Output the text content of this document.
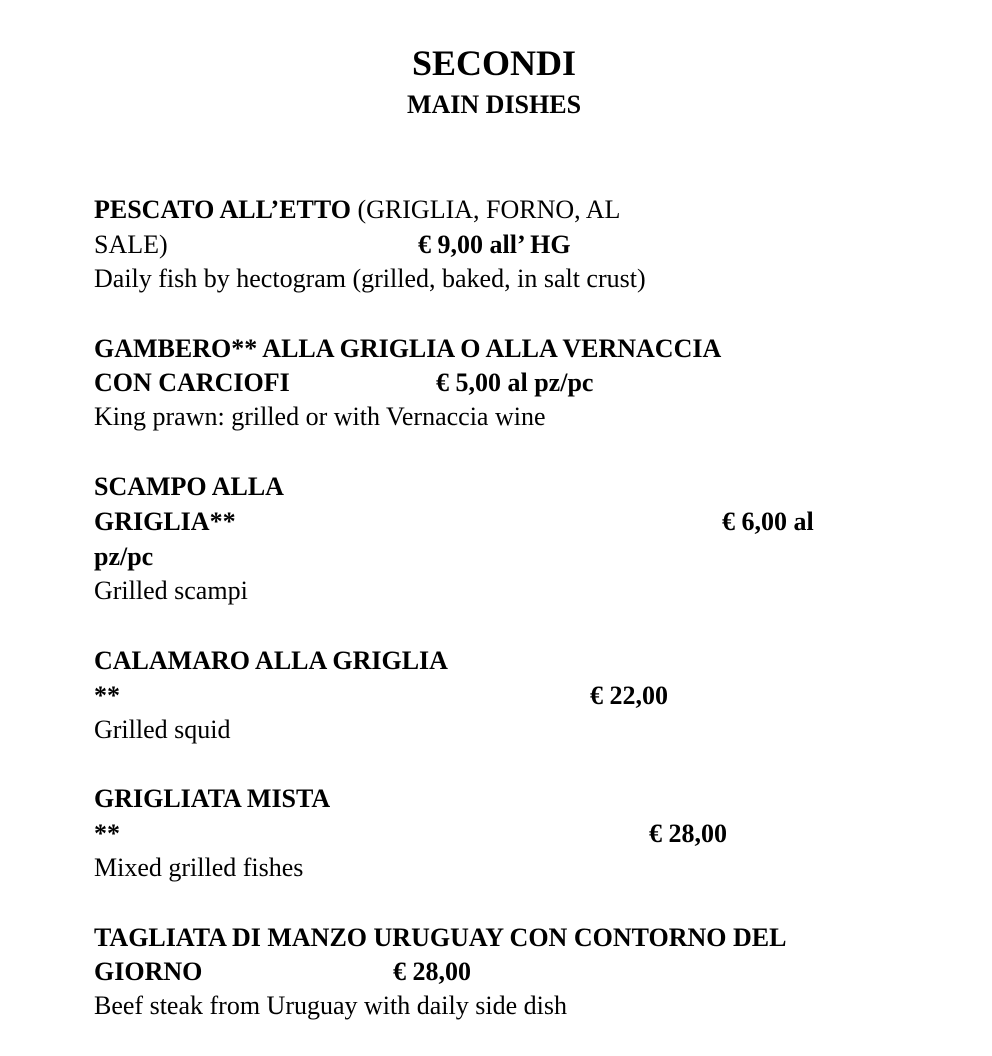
SECONDI
MAIN DISHES
PESCATO ALL’ETTO (GRIGLIA, FORNO, AL
SALE)	€ 9,00 all’ HG
Daily fish by hectogram (grilled, baked, in salt crust)
GAMBERO** ALLA GRIGLIA O ALLA VERNACCIA
CON CARCIOFI	€ 5,00 al pz/pc
King prawn: grilled or with Vernaccia wine
SCAMPO ALLA
GRIGLIA**	€ 6,00 al
pz/pc
Grilled scampi
CALAMARO ALLA GRIGLIA
**	€ 22,00
Grilled squid
GRIGLIATA MISTA
**	€ 28,00
Mixed grilled fishes
TAGLIATA DI MANZO URUGUAY CON CONTORNO DEL
GIORNO	€ 28,00
Beef steak from Uruguay with daily side dish
